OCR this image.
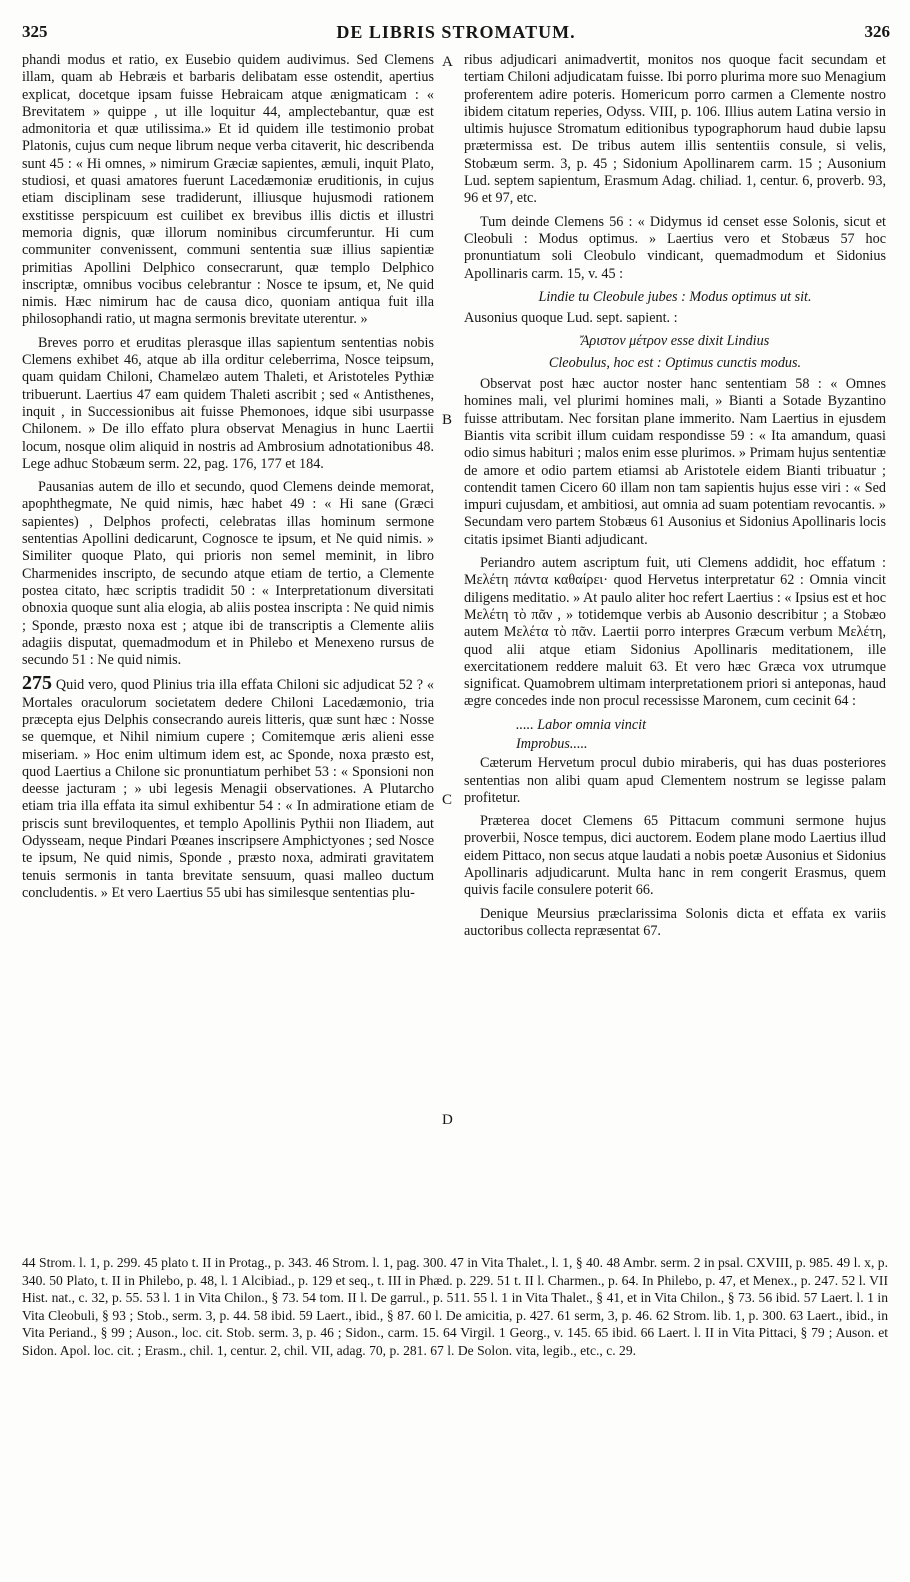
325	DE LIBRIS STROMATUM.	326

phandi modus et ratio, ex Eusebio quidem audivimus. Sed Clemens illam, quam ab Hebræis et barbaris delibatam esse ostendit, apertius explicat, docetque ipsam fuisse Hebraicam atque ænigmaticam : « Brevitatem » quippe , ut ille loquitur 44, amplectebantur, quæ est admonitoria et quæ utilissima.» Et id quidem ille testimonio probat Platonis, cujus cum neque librum neque verba citaverit, hic describenda sunt 45 : « Hi omnes, » nimirum Græciæ sapientes, æmuli, inquit Plato, studiosi, et quasi amatores fuerunt Lacedæmoniæ eruditionis, in cujus etiam disciplinam sese tradiderunt, illiusque hujusmodi rationem exstitisse perspicuum est cuilibet ex brevibus illis dictis et illustri memoria dignis, quæ illorum nominibus circumferuntur. Hi cum communiter convenissent, communi sententia suæ illius sapientiæ primitias Apollini Delphico consecrarunt, quæ templo Delphico inscriptæ, omnibus vocibus celebrantur : Nosce te ipsum, et, Ne quid nimis. Hæc nimirum hac de causa dico, quoniam antiqua fuit illa philosophandi ratio, ut magna sermonis brevitate uterentur. »

Breves porro et eruditas plerasque illas sapientum sententias nobis Clemens exhibet 46, atque ab illa orditur celeberrima, Nosce teipsum, quam quidam Chiloni, Chamelæo autem Thaleti, et Aristoteles Pythiæ tribuerunt. Laertius 47 eam quidem Thaleti ascribit ; sed « Antisthenes, inquit , in Successionibus ait fuisse Phemonoes, idque sibi usurpasse Chilonem. » De illo effato plura observat Menagius in hunc Laertii locum, nosque olim aliquid in nostris ad Ambrosium adnotationibus 48. Lege adhuc Stobæum serm. 22, pag. 176, 177 et 184.

Pausanias autem de illo et secundo, quod Clemens deinde memorat, apophthegmate, Ne quid nimis, hæc habet 49 : « Hi sane (Græci sapientes) , Delphos profecti, celebratas illas hominum sermone sententias Apollini dedicarunt, Cognosce te ipsum, et Ne quid nimis. » Similiter quoque Plato, qui prioris non semel meminit, in libro Charmenides inscripto, de secundo atque etiam de tertio, a Clemente postea citato, hæc scriptis tradidit 50 : « Interpretationum diversitati obnoxia quoque sunt alia elogia, ab aliis postea inscripta : Ne quid nimis ; Sponde, præsto noxa est ; atque ibi de transcriptis a Clemente aliis adagiis disputat, quemadmodum et in Philebo et Menexeno rursus de secundo 51 : Ne quid nimis.

275 Quid vero, quod Plinius tria illa effata Chiloni sic adjudicat 52 ? « Mortales oraculorum societatem dedere Chiloni Lacedæmonio, tria præcepta ejus Delphis consecrando aureis litteris, quæ sunt hæc : Nosse se quemque, et Nihil nimium cupere ; Comitemque æris alieni esse miseriam. » Hoc enim ultimum idem est, ac Sponde, noxa præsto est, quod Laertius a Chilone sic pronuntiatum perhibet 53 : « Sponsioni non deesse jacturam ; » ubi legesis Menagii observationes. A Plutarcho etiam tria illa effata ita simul exhibentur 54 : « In admiratione etiam de priscis sunt breviloquentes, et templo Apollinis Pythii non Iliadem, aut Odysseam, neque Pindari Pœanes inscripsere Amphictyones ; sed Nosce te ipsum, Ne quid nimis, Sponde , præsto noxa, admirati gravitatem tenuis sermonis in tanta brevitate sensuum, quasi malleo ductum concludentis. » Et vero Laertius 55 ubi has similesque sententias plu-

A
B
C
D

ribus adjudicari animadvertit, monitos nos quoque facit secundam et tertiam Chiloni adjudicatam fuisse. Ibi porro plurima more suo Menagium proferentem adire poteris. Homericum porro carmen a Clemente nostro ibidem citatum reperies, Odyss. VIII, p. 106. Illius autem Latina versio in ultimis hujusce Stromatum editionibus typographorum haud dubie lapsu prætermissa est. De tribus autem illis sententiis consule, si velis, Stobæum serm. 3, p. 45 ; Sidonium Apollinarem carm. 15 ; Ausonium Lud. septem sapientum, Erasmum Adag. chiliad. 1, centur. 6, proverb. 93, 96 et 97, etc.

Tum deinde Clemens 56 : « Didymus id censet esse Solonis, sicut et Cleobuli : Modus optimus. » Laertius vero et Stobæus 57 hoc pronuntiatum soli Cleobulo vindicant, quemadmodum et Sidonius Apollinaris carm. 15, v. 45 :

Lindie tu Cleobule jubes : Modus optimus ut sit.

Ausonius quoque Lud. sept. sapient. :

Ἄριστον μέτρον esse dixit Lindius

Cleobulus, hoc est : Optimus cunctis modus.

Observat post hæc auctor noster hanc sententiam 58 : « Omnes homines mali, vel plurimi homines mali, » Bianti a Sotade Byzantino fuisse attributam. Nec forsitan plane immerito. Nam Laertius in ejusdem Biantis vita scribit illum cuidam respondisse 59 : « Ita amandum, quasi odio simus habituri ; malos enim esse plurimos. » Primam hujus sententiæ de amore et odio partem etiamsi ab Aristotele eidem Bianti tribuatur ; contendit tamen Cicero 60 illam non tam sapientis hujus esse viri : « Sed impuri cujusdam, et ambitiosi, aut omnia ad suam potentiam revocantis. » Secundam vero partem Stobæus 61 Ausonius et Sidonius Apollinaris locis citatis ipsimet Bianti adjudicant.

Periandro autem ascriptum fuit, uti Clemens addidit, hoc effatum : Μελέτη πάντα καθαίρει· quod Hervetus interpretatur 62 : Omnia vincit diligens meditatio. » At paulo aliter hoc refert Laertius : « Ipsius est et hoc Μελέτη τὸ πᾶν , » totidemque verbis ab Ausonio describitur ; a Stobæo autem Μελέτα τὸ πᾶν. Laertii porro interpres Græcum verbum Μελέτη, quod alii atque etiam Sidonius Apollinaris meditationem, ille exercitationem reddere maluit 63. Et vero hæc Græca vox utrumque significat. Quamobrem ultimam interpretationem priori si anteponas, haud ægre concedes inde non procul recessisse Maronem, cum cecinit 64 :

..... Labor omnia vincit

Improbus.....

Cæterum Hervetum procul dubio miraberis, qui has duas posteriores sententias non alibi quam apud Clementem nostrum se legisse palam profitetur.

Præterea docet Clemens 65 Pittacum communi sermone hujus proverbii, Nosce tempus, dici auctorem. Eodem plane modo Laertius illud eidem Pittaco, non secus atque laudati a nobis poetæ Ausonius et Sidonius Apollinaris adjudicarunt. Multa hanc in rem congerit Erasmus, quem quivis facile consulere poterit 66.

Denique Meursius præclarissima Solonis dicta et effata ex variis auctoribus collecta repræsentat 67.

44 Strom. l. 1, p. 299. 45 plato t. II in Protag., p. 343. 46 Strom. l. 1, pag. 300. 47 in Vita Thalet., l. 1, § 40. 48 Ambr. serm. 2 in psal. CXVIII, p. 985. 49 l. x, p. 340. 50 Plato, t. II in Philebo, p. 48, l. 1 Alcibiad., p. 129 et seq., t. III in Phæd. p. 229. 51 t. II l. Charmen., p. 64. In Philebo, p. 47, et Menex., p. 247. 52 l. VII Hist. nat., c. 32, p. 55. 53 l. 1 in Vita Chilon., § 73. 54 tom. II l. De garrul., p. 511. 55 l. 1 in Vita Thalet., § 41, et in Vita Chilon., § 73. 56 ibid. 57 Laert. l. 1 in Vita Cleobuli, § 93 ; Stob., serm. 3, p. 44. 58 ibid. 59 Laert., ibid., § 87. 60 l. De amicitia, p. 427. 61 serm, 3, p. 46. 62 Strom. lib. 1, p. 300. 63 Laert., ibid., in Vita Periand., § 99 ; Auson., loc. cit. Stob. serm. 3, p. 46 ; Sidon., carm. 15. 64 Virgil. 1 Georg., v. 145. 65 ibid. 66 Laert. l. II in Vita Pittaci, § 79 ; Auson. et Sidon. Apol. loc. cit. ; Erasm., chil. 1, centur. 2, chil. VII, adag. 70, p. 281. 67 l. De Solon. vita, legib., etc., c. 29.
